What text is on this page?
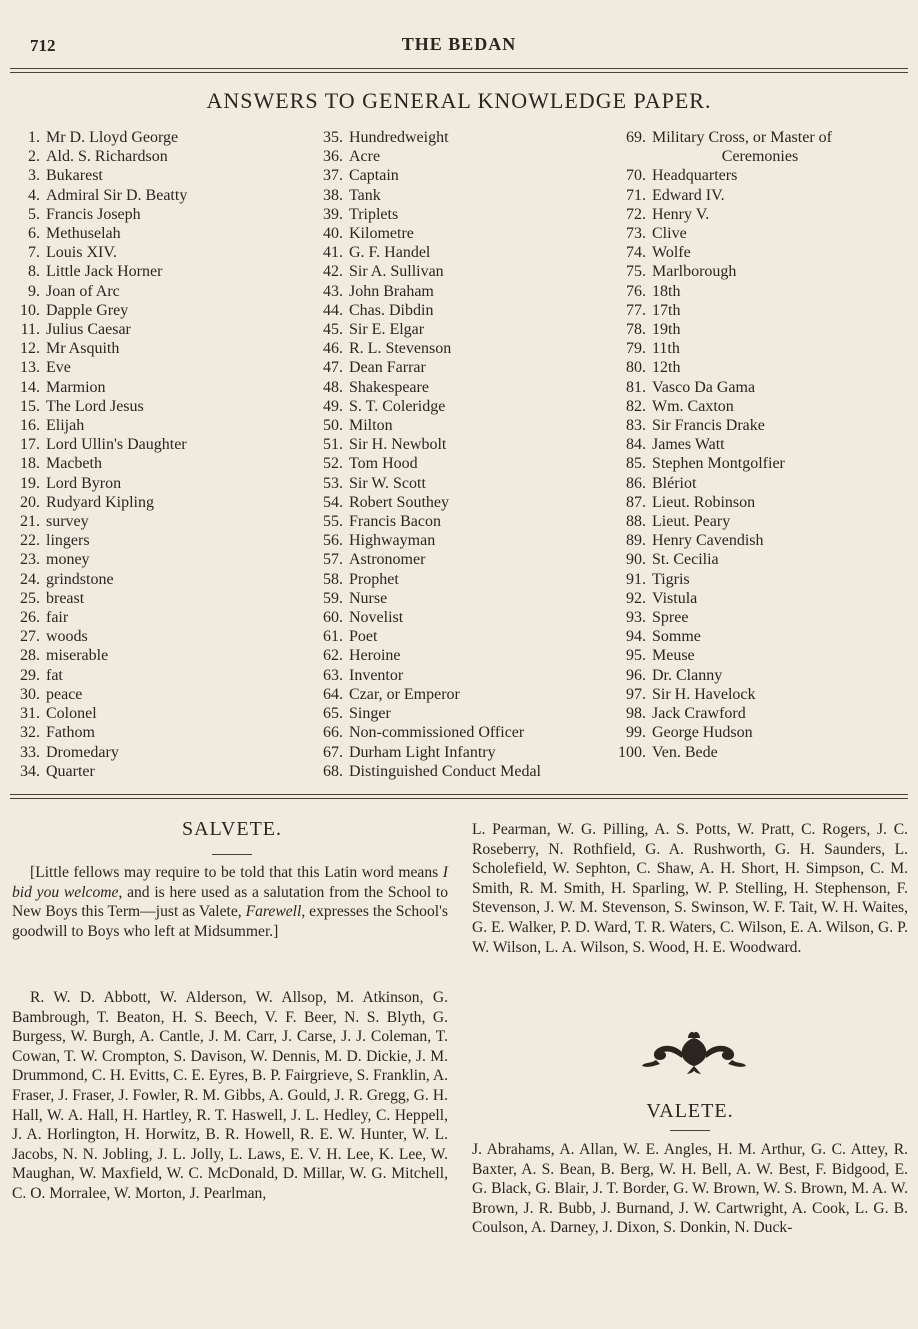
712	THE BEDAN
ANSWERS TO GENERAL KNOWLEDGE PAPER.
1. Mr D. Lloyd George
2. Ald. S. Richardson
3. Bukarest
4. Admiral Sir D. Beatty
5. Francis Joseph
6. Methuselah
7. Louis XIV.
8. Little Jack Horner
9. Joan of Arc
10. Dapple Grey
11. Julius Caesar
12. Mr Asquith
13. Eve
14. Marmion
15. The Lord Jesus
16. Elijah
17. Lord Ullin's Daughter
18. Macbeth
19. Lord Byron
20. Rudyard Kipling
21. survey
22. lingers
23. money
24. grindstone
25. breast
26. fair
27. woods
28. miserable
29. fat
30. peace
31. Colonel
32. Fathom
33. Dromedary
34. Quarter
35. Hundredweight
36. Acre
37. Captain
38. Tank
39. Triplets
40. Kilometre
41. G. F. Handel
42. Sir A. Sullivan
43. John Braham
44. Chas. Dibdin
45. Sir E. Elgar
46. R. L. Stevenson
47. Dean Farrar
48. Shakespeare
49. S. T. Coleridge
50. Milton
51. Sir H. Newbolt
52. Tom Hood
53. Sir W. Scott
54. Robert Southey
55. Francis Bacon
56. Highwayman
57. Astronomer
58. Prophet
59. Nurse
60. Novelist
61. Poet
62. Heroine
63. Inventor
64. Czar, or Emperor
65. Singer
66. Non-commissioned Officer
67. Durham Light Infantry
68. Distinguished Conduct Medal
69. Military Cross, or Master of
Ceremonies
70. Headquarters
71. Edward IV.
72. Henry V.
73. Clive
74. Wolfe
75. Marlborough
76. 18th
77. 17th
78. 19th
79. 11th
80. 12th
81. Vasco Da Gama
82. Wm. Caxton
83. Sir Francis Drake
84. James Watt
85. Stephen Montgolfier
86. Blériot
87. Lieut. Robinson
88. Lieut. Peary
89. Henry Cavendish
90. St. Cecilia
91. Tigris
92. Vistula
93. Spree
94. Somme
95. Meuse
96. Dr. Clanny
97. Sir H. Havelock
98. Jack Crawford
99. George Hudson
100. Ven. Bede
SALVETE.

[Little fellows may require to be told that this Latin word means I bid you welcome, and is here used as a salutation from the School to New Boys this Term—just as Valete, Farewell, expresses the School's goodwill to Boys who left at Midsummer.]

R. W. D. Abbott, W. Alderson, W. Allsop, M. Atkinson, G. Bambrough, T. Beaton, H. S. Beech, V. F. Beer, N. S. Blyth, G. Burgess, W. Burgh, A. Cantle, J. M. Carr, J. Carse, J. J. Coleman, T. Cowan, T. W. Crompton, S. Davison, W. Dennis, M. D. Dickie, J. M. Drummond, C. H. Evitts, C. E. Eyres, B. P. Fairgrieve, S. Franklin, A. Fraser, J. Fraser, J. Fowler, R. M. Gibbs, A. Gould, J. R. Gregg, G. H. Hall, W. A. Hall, H. Hartley, R. T. Haswell, J. L. Hedley, C. Heppell, J. A. Horlington, H. Horwitz, B. R. Howell, R. E. W. Hunter, W. L. Jacobs, N. N. Jobling, J. L. Jolly, L. Laws, E. V. H. Lee, K. Lee, W. Maughan, W. Maxfield, W. C. McDonald, D. Millar, W. G. Mitchell, C. O. Morralee, W. Morton, J. Pearlman,

L. Pearman, W. G. Pilling, A. S. Potts, W. Pratt, C. Rogers, J. C. Roseberry, N. Rothfield, G. A. Rushworth, G. H. Saunders, L. Scholefield, W. Sephton, C. Shaw, A. H. Short, H. Simpson, C. M. Smith, R. M. Smith, H. Sparling, W. P. Stelling, H. Stephenson, F. Stevenson, J. W. M. Stevenson, S. Swinson, W. F. Tait, W. H. Waites, G. E. Walker, P. D. Ward, T. R. Waters, C. Wilson, E. A. Wilson, G. P. W. Wilson, L. A. Wilson, S. Wood, H. E. Woodward.

VALETE.

J. Abrahams, A. Allan, W. E. Angles, H. M. Arthur, G. C. Attey, R. Baxter, A. S. Bean, B. Berg, W. H. Bell, A. W. Best, F. Bidgood, E. G. Black, G. Blair, J. T. Border, G. W. Brown, W. S. Brown, M. A. W. Brown, J. R. Bubb, J. Burnand, J. W. Cartwright, A. Cook, L. G. B. Coulson, A. Darney, J. Dixon, S. Donkin, N. Duck-
